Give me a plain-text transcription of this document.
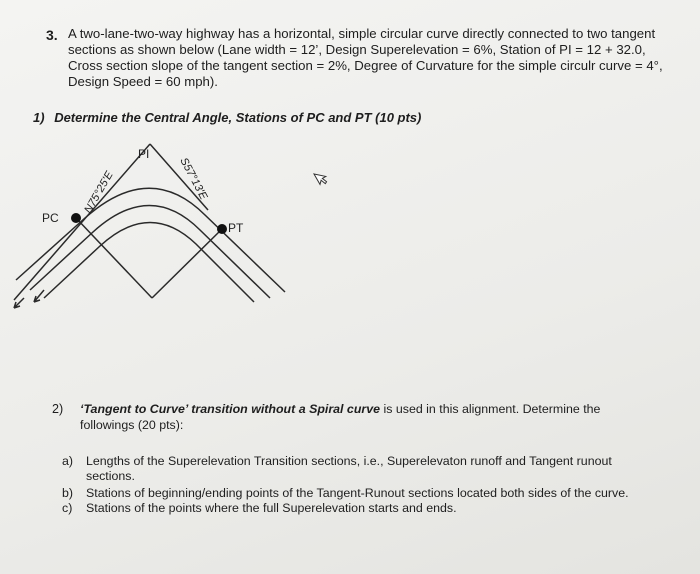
3. A two-lane-two-way highway has a horizontal, simple circular curve directly connected to two tangent
sections as shown below (Lane width = 12’, Design Superelevation = 6%, Station of PI = 12 + 32.0,
Cross section slope of the tangent section = 2%, Degree of Curvature for the simple circulr curve = 4°,
Design Speed = 60 mph).
1) Determine the Central Angle, Stations of PC and PT (10 pts)
PI
PC
PT
N75°25'E	S57°13'E
2) ‘Tangent to Curve’ transition without a Spiral curve is used in this alignment. Determine the
followings (20 pts):
a) Lengths of the Superelevation Transition sections, i.e., Superelevaton runoff and Tangent runout
sections.
b) Stations of beginning/ending points of the Tangent-Runout sections located both sides of the curve.
c) Stations of the points where the full Superelevation starts and ends.
